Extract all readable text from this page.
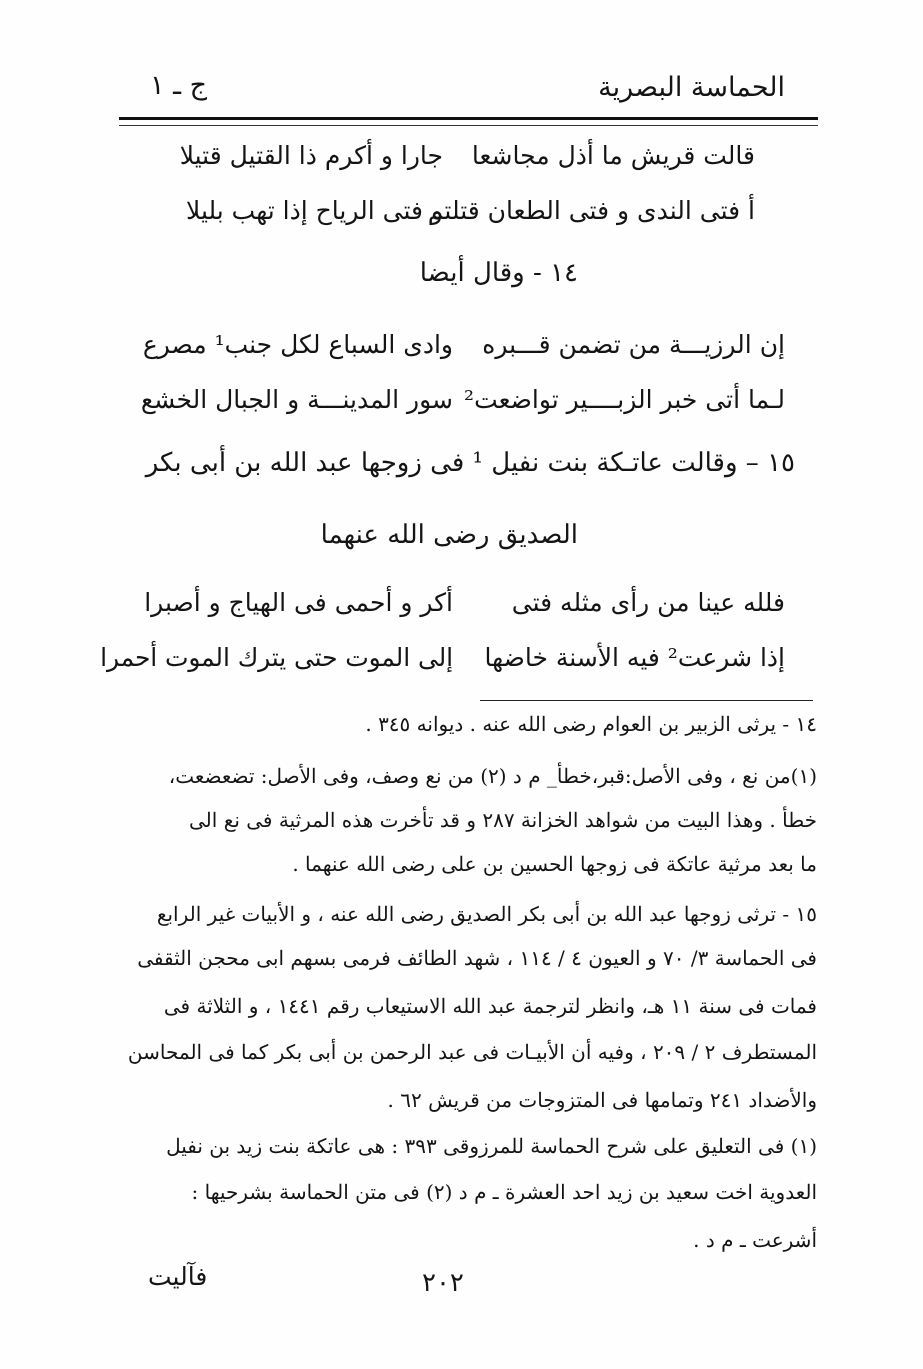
الحماسة البصرية
ج ـ ١
قالت قريش ما أذل مجاشعا
جارا و أكرم ذا القتيل قتيلا
أ فتى الندى و فتى الطعان قتلتم
و فتى الرياح إذا تهب بليلا
١٤ - وقال أيضا
إن الرزيـــة من تضمن قـــبره
وادى السباع لكل جنب¹ مصرع
لـما أتى خبر الزبــــير تواضعت²
سور المدينـــة و الجبال الخشع
١٥ – وقالت عاتـكة بنت نفيل ¹ فى زوجها عبد الله بن أبى بكر
الصديق رضى الله عنهما
فلله عينا من رأى مثله فتى
أكر و أحمى فى الهياج و أصبرا
إذا شرعت² فيه الأسنة خاضها
إلى الموت حتى يترك الموت أحمرا
١٤ - يرثى الزبير بن العوام رضى الله عنه . ديوانه ٣٤٥ .
(١)من نع ، وفى الأصل:قبر،خطأ_ م د (٢) من نع وصف، وفى الأصل: تضعضعت،
خطأ . وهذا البيت من شواهد الخزانة ٢٨٧ و قد تأخرت هذه المرثية فى نع الى
ما بعد مرثية عاتكة فى زوجها الحسين بن على رضى الله عنهما .
١٥ - ترثى زوجها عبد الله بن أبى بكر الصديق رضى الله عنه ، و الأبيات غير الرابع
فى الحماسة ٣/ ٧٠ و العيون ٤ / ١١٤ ، شهد الطائف فرمى بسهم ابى محجن الثقفى
فمات فى سنة ١١ هـ، وانظر لترجمة عبد الله الاستيعاب رقم ١٤٤١ ، و الثلاثة فى
المستطرف ٢ / ٢٠٩ ، وفيه أن الأبيـات فى عبد الرحمن بن أبى بكر كما فى المحاسن
والأضداد ٢٤١ وتمامها فى المتزوجات من قريش ٦٢ .
(١) فى التعليق على شرح الحماسة للمرزوقى ٣٩٣ : هى عاتكة بنت زيد بن نفيل
العدوية اخت سعيد بن زيد احد العشرة ـ م د (٢) فى متن الحماسة بشرحيها :
أشرعت ـ م د .
٢٠٢
فآليت
